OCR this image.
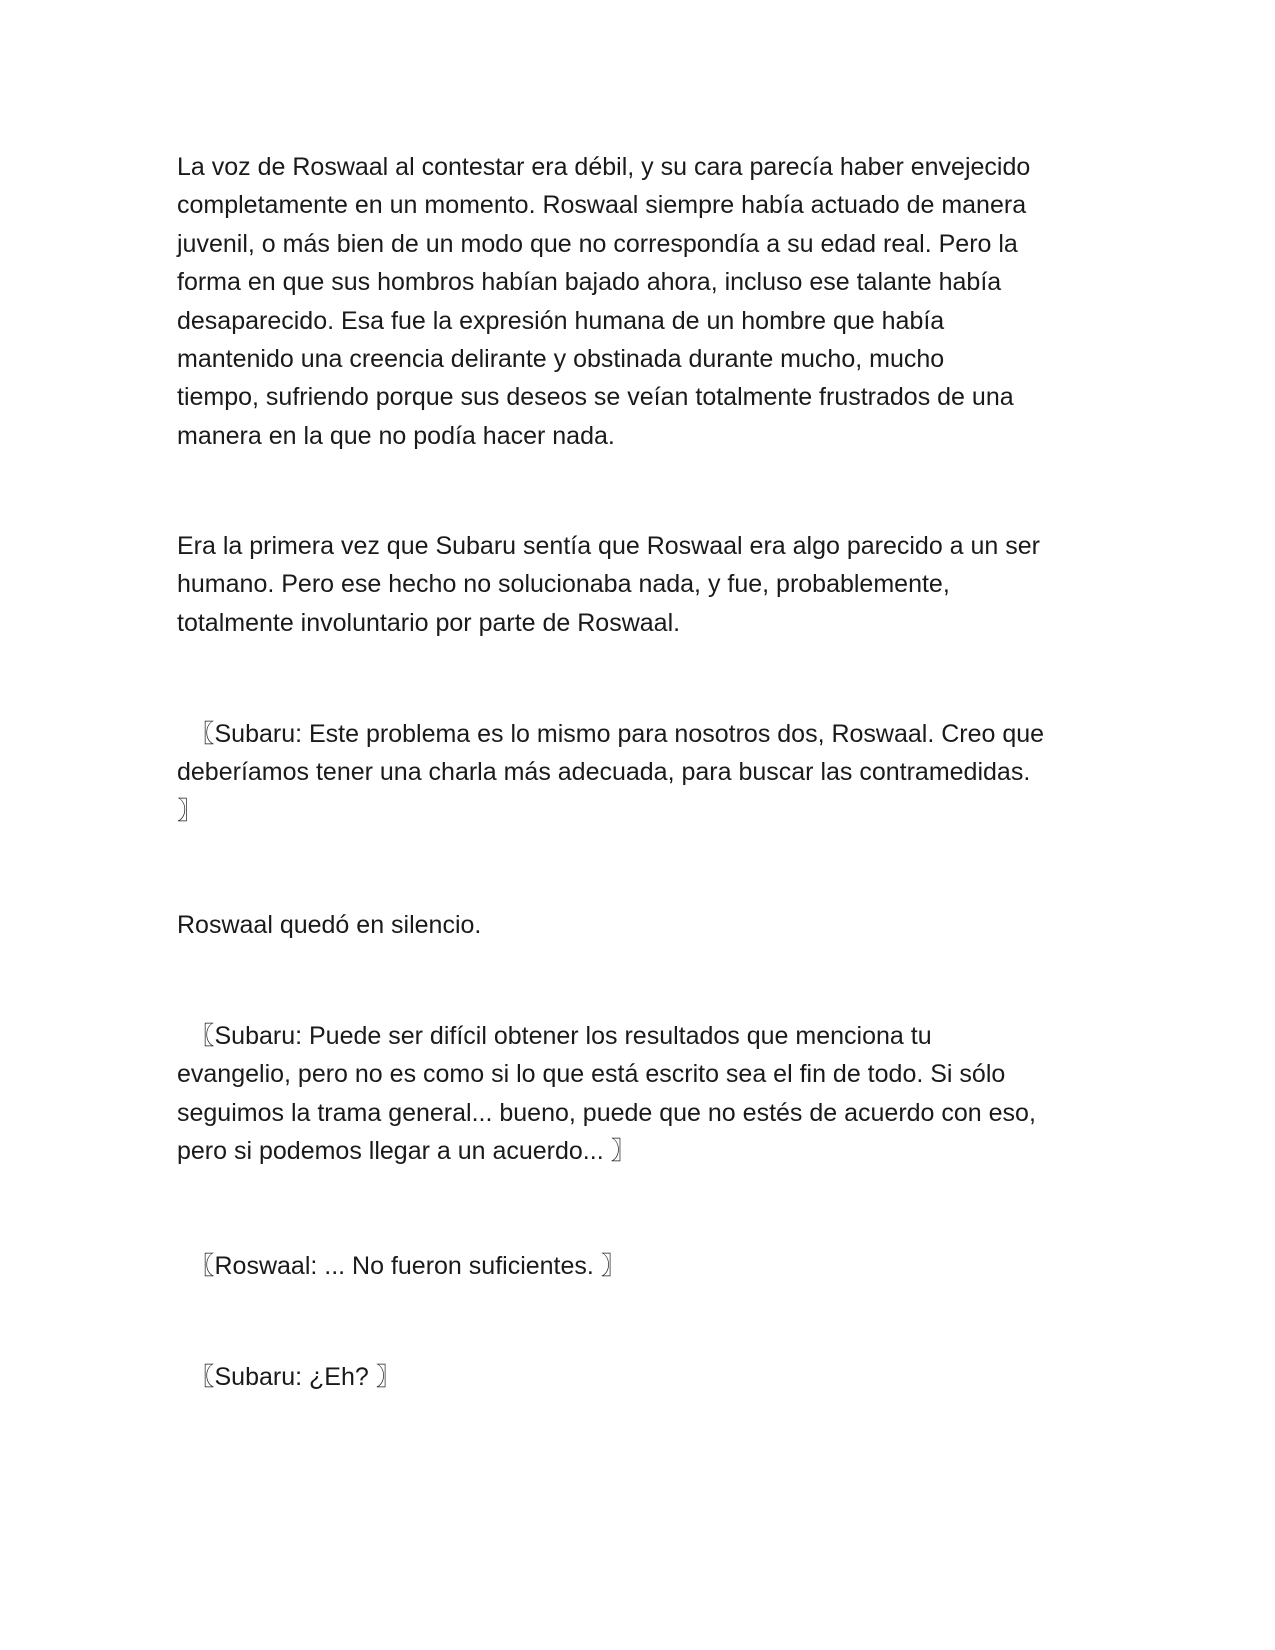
La voz de Roswaal al contestar era débil, y su cara parecía haber envejecido
completamente en un momento. Roswaal siempre había actuado de manera
juvenil, o más bien de un modo que no correspondía a su edad real. Pero la
forma en que sus hombros habían bajado ahora, incluso ese talante había
desaparecido. Esa fue la expresión humana de un hombre que había
mantenido una creencia delirante y obstinada durante mucho, mucho
tiempo, sufriendo porque sus deseos se veían totalmente frustrados de una
manera en la que no podía hacer nada.

Era la primera vez que Subaru sentía que Roswaal era algo parecido a un ser
humano. Pero ese hecho no solucionaba nada, y fue, probablemente,
totalmente involuntario por parte de Roswaal.

　〖Subaru: Este problema es lo mismo para nosotros dos, Roswaal. Creo que
deberíamos tener una charla más adecuada, para buscar las contramedidas.
〗

Roswaal quedó en silencio.

　〖Subaru: Puede ser difícil obtener los resultados que menciona tu
evangelio, pero no es como si lo que está escrito sea el fin de todo. Si sólo
seguimos la trama general... bueno, puede que no estés de acuerdo con eso,
pero si podemos llegar a un acuerdo... 〗

　〖Roswaal: ... No fueron suficientes. 〗

　〖Subaru: ¿Eh? 〗
